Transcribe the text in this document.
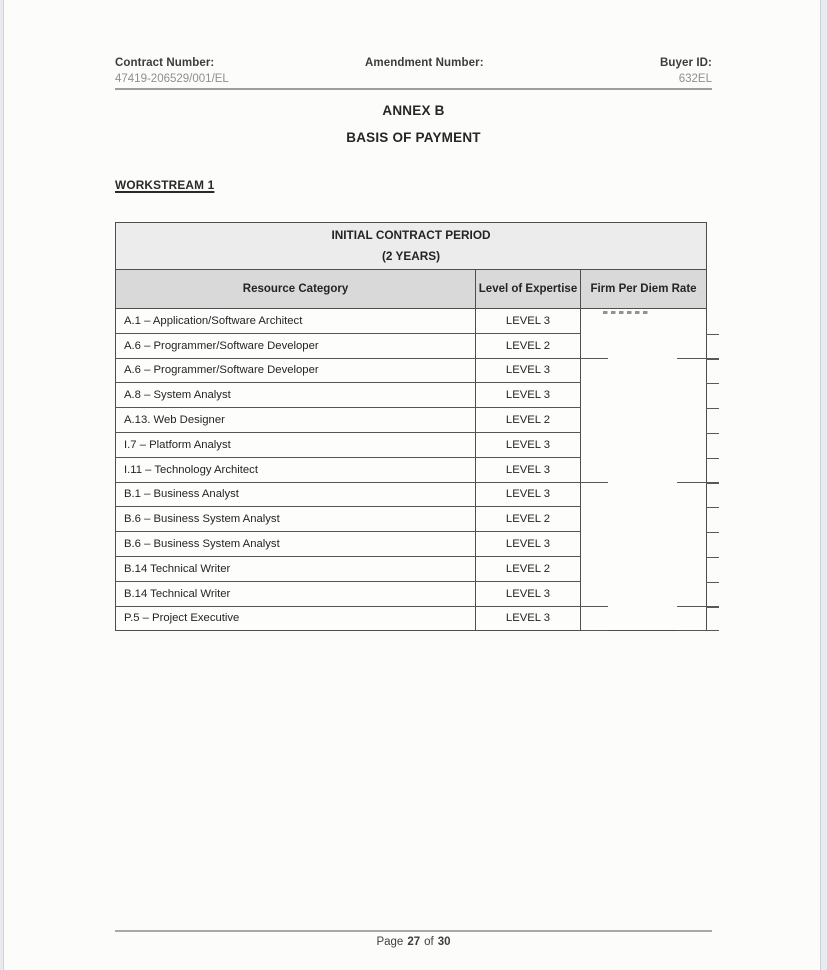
Contract Number:	Amendment Number:	Buyer ID:
47419-206529/001/EL	632EL
ANNEX B
BASIS OF PAYMENT
WORKSTREAM 1
INITIAL CONTRACT PERIOD
(2 YEARS)		

Resource Category	Level of Expertise	Firm Per Diem Rate
A.1 – Application/Software Architect	LEVEL 3	

A.6 – Programmer/Software Developer	LEVEL 2	

A.6 – Programmer/Software Developer	LEVEL 3	

A.8 – System Analyst	LEVEL 3	

A.13. Web Designer	LEVEL 2	

I.7 – Platform Analyst	LEVEL 3	

I.11 – Technology Architect	LEVEL 3	

B.1 – Business Analyst	LEVEL 3	

B.6 – Business System Analyst	LEVEL 2	

B.6 – Business System Analyst	LEVEL 3	

B.14 Technical Writer	LEVEL 2	

B.14 Technical Writer	LEVEL 3	

P.5 – Project Executive	LEVEL 3	
Page 27 of 30
